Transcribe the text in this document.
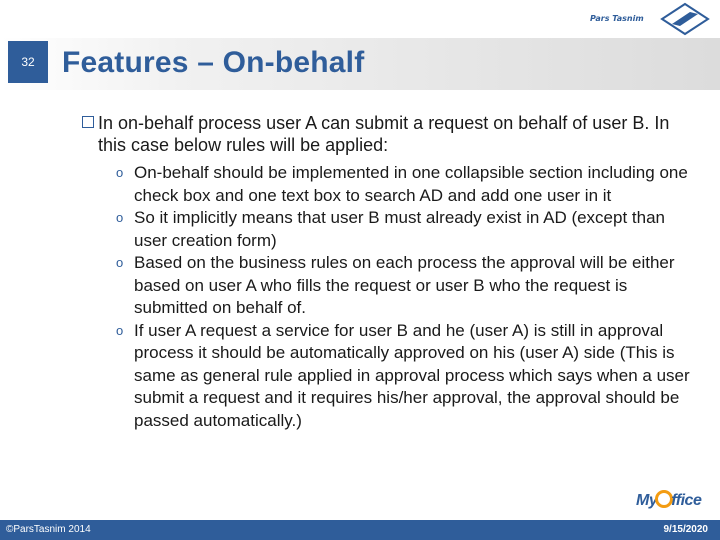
32 Features – On-behalf
Pars Tasnim
In on-behalf process user A can submit a request on behalf of user B. In this case below rules will be applied:
o On-behalf should be implemented in one collapsible section including one check box and one text box to search AD and add one user in it
o So it implicitly means that user B must already exist in AD (except than user creation form)
o Based on the business rules on each process the approval will be either based on user A who fills the request or user B who the request is submitted on behalf of.
o If user A request a service for user B and he (user A) is still in approval process it should be automatically approved on his (user A) side (This is same as general rule applied in approval process which says when a user submit a request and it requires his/her approval, the approval should be passed automatically.)
My ffice
©ParsTasnim 2014	9/15/2020
